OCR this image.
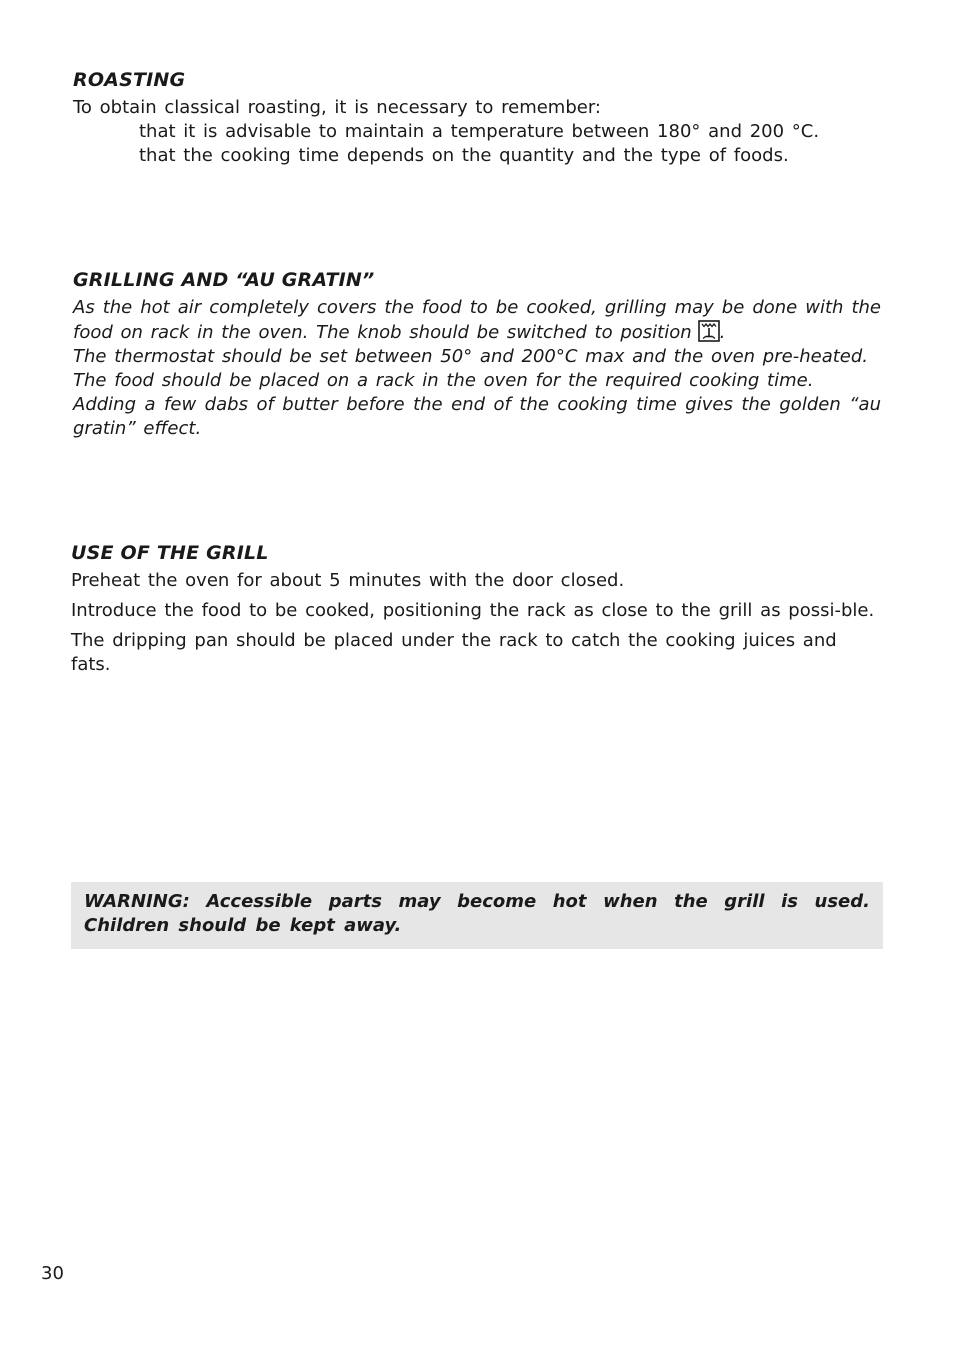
ROASTING

To obtain classical roasting, it is necessary to remember:

that it is advisable to maintain a temperature between 180° and 200 °C.

that the cooking time depends on the quantity and the type of foods.

GRILLING AND “AU GRATIN”

As the hot air completely covers the food to be cooked, grilling may be done with the food on rack in the oven. The knob should be switched to position .

The thermostat should be set between 50° and 200°C max and the oven pre-heated.

The food should be placed on a rack in the oven for the required cooking time.

Adding a few dabs of butter before the end of the cooking time gives the golden “au gratin” effect.

USE OF THE GRILL

Preheat the oven for about 5 minutes with the door closed.

Introduce the food to be cooked, positioning the rack as close to the grill as possi-ble.

The dripping pan should be placed under the rack to catch the cooking juices and fats.

WARNING: Accessible parts may become hot when the grill is used. Children should be kept away.

30
